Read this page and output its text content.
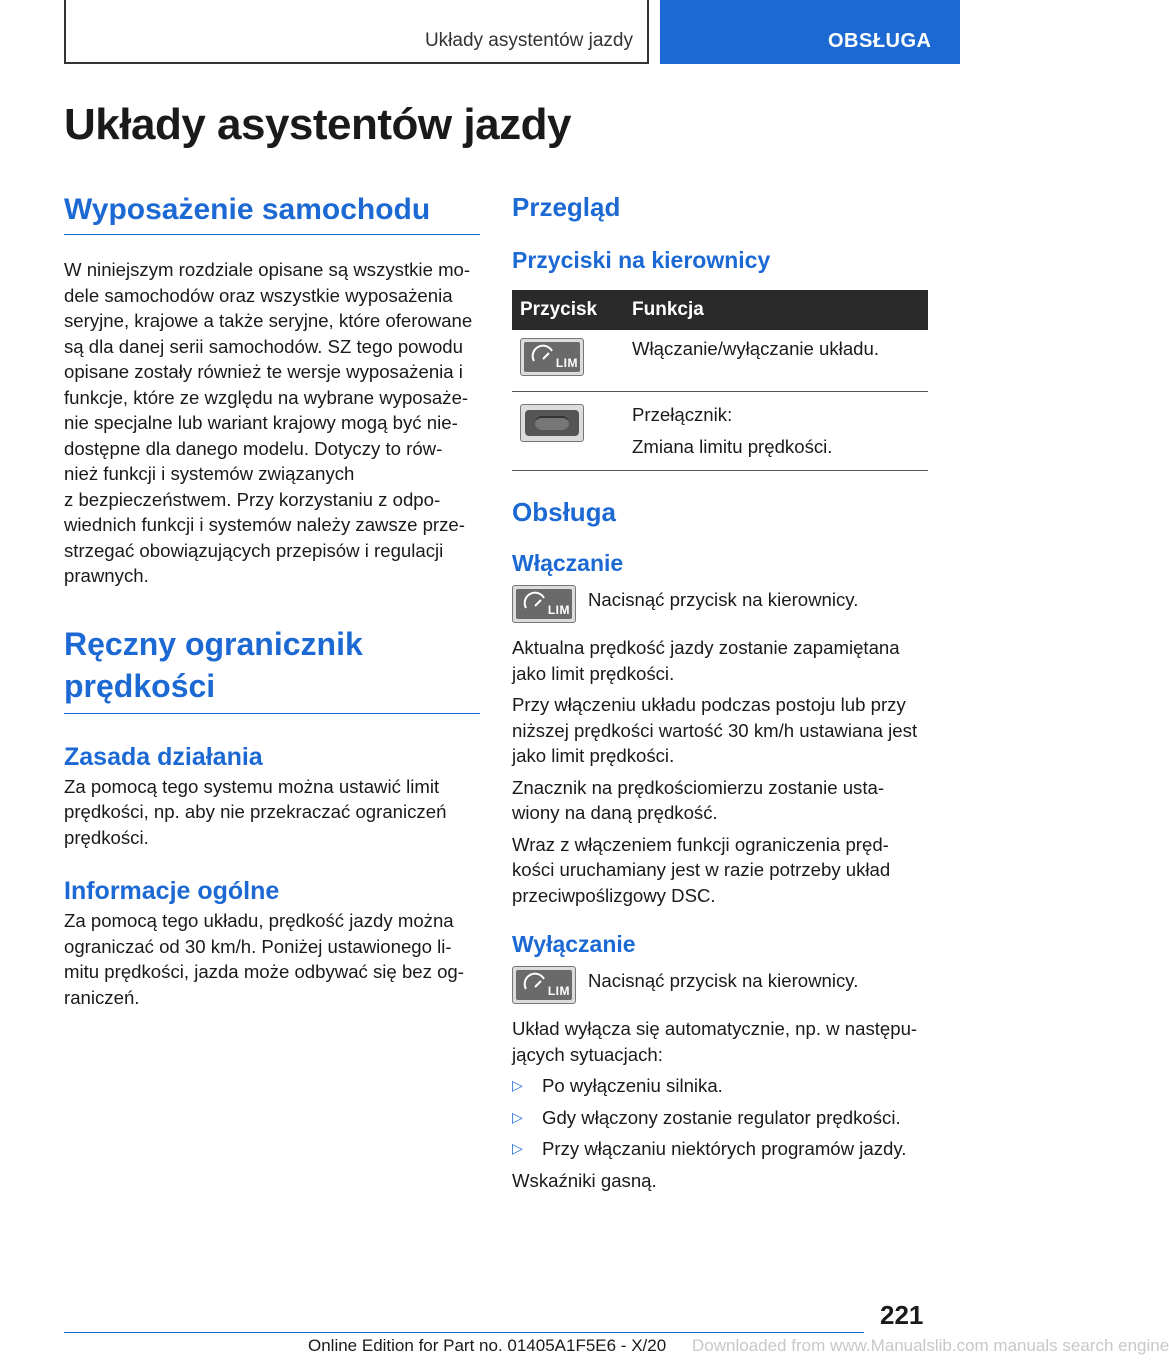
Układy asystentów jazdy	OBSŁUGA
Układy asystentów jazdy
Wyposażenie samochodu

W niniejszym rozdziale opisane są wszystkie mo‐

dele samochodów oraz wszystkie wyposażenia

seryjne, krajowe a także seryjne, które oferowane

są dla danej serii samochodów. SZ tego powodu

opisane zostały również te wersje wyposażenia i

funkcje, które ze względu na wybrane wyposaże‐

nie specjalne lub wariant krajowy mogą być nie‐

dostępne dla danego modelu. Dotyczy to rów‐

nież funkcji i systemów związanych

z bezpieczeństwem. Przy korzystaniu z odpo‐

wiednich funkcji i systemów należy zawsze prze‐

strzegać obowiązujących przepisów i regulacji

prawnych.

Ręczny ogranicznik
prędkości
Zasada działania

Za pomocą tego systemu można ustawić limit

prędkości, np. aby nie przekraczać ograniczeń

prędkości.

Informacje ogólne

Za pomocą tego układu, prędkość jazdy można

ograniczać od 30 km/h. Poniżej ustawionego li‐

mitu prędkości, jazda może odbywać się bez og‐

raniczeń.

Przegląd
Przyciski na kierownicy
Przycisk	Funkcja

LIM	Włączanie/wyłączanie układu.

	Przełącznik:
Zmiana limitu prędkości.
Obsługa
Włączanie
LIM Nacisnąć przycisk na kierownicy.

Aktualna prędkość jazdy zostanie zapamiętana

jako limit prędkości.

Przy włączeniu układu podczas postoju lub przy

niższej prędkości wartość 30 km/h ustawiana jest

jako limit prędkości.

Znacznik na prędkościomierzu zostanie usta‐

wiony na daną prędkość.

Wraz z włączeniem funkcji ograniczenia pręd‐

kości uruchamiany jest w razie potrzeby układ

przeciwpoślizgowy DSC.

Wyłączanie
LIM Nacisnąć przycisk na kierownicy.

Układ wyłącza się automatycznie, np. w następu‐

jących sytuacjach:

▷	Po wyłączeniu silnika.
▷	Gdy włączony zostanie regulator prędkości.
▷	Przy włączaniu niektórych programów jazdy.

Wskaźniki gasną.

221
Online Edition for Part no. 01405A1F5E6 - X/20 Downloaded from www.Manualslib.com manuals search engine
